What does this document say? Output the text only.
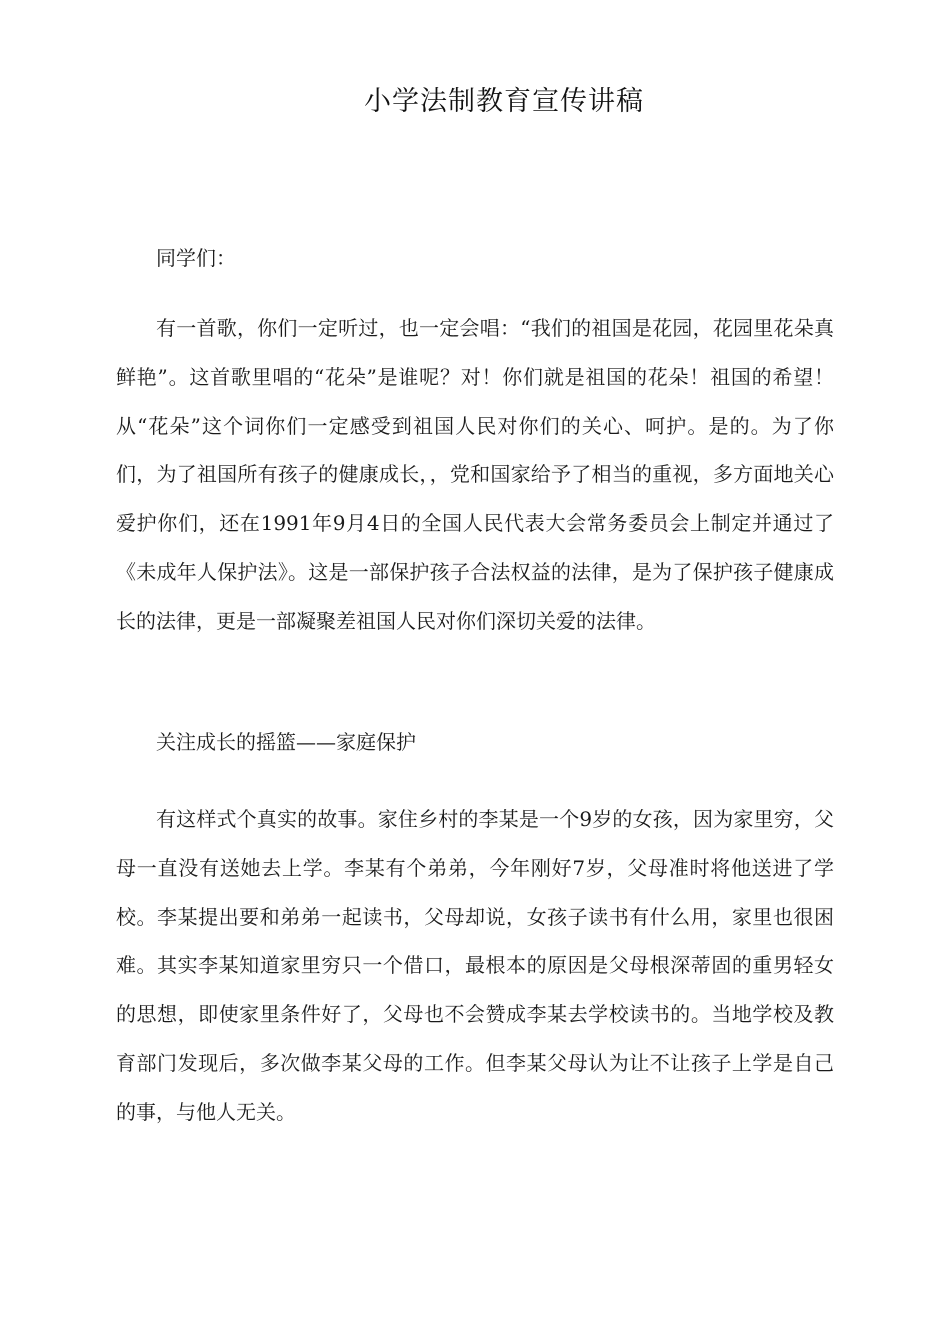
小学法制教育宣传讲稿

同学们：

有一首歌，你们一定听过，也一定会唱：“我们的祖国是花园，花园里花朵真鲜艳”。这首歌里唱的“花朵”是谁呢？对！你们就是祖国的花朵！祖国的希望！从“花朵”这个词你们一定感受到祖国人民对你们的关心、呵护。是的。为了你们，为了祖国所有孩子的健康成长，，党和国家给予了相当的重视，多方面地关心爱护你们，还在1991年9月4日的全国人民代表大会常务委员会上制定并通过了《未成年人保护法》。这是一部保护孩子合法权益的法律，是为了保护孩子健康成长的法律，更是一部凝聚差祖国人民对你们深切关爱的法律。

关注成长的摇篮——家庭保护

有这样式个真实的故事。家住乡村的李某是一个9岁的女孩，因为家里穷，父母一直没有送她去上学。李某有个弟弟，今年刚好7岁，父母准时将他送进了学校。李某提出要和弟弟一起读书，父母却说，女孩子读书有什么用，家里也很困难。其实李某知道家里穷只一个借口，最根本的原因是父母根深蒂固的重男轻女的思想，即使家里条件好了，父母也不会赞成李某去学校读书的。当地学校及教育部门发现后，多次做李某父母的工作。但李某父母认为让不让孩子上学是自己的事，与他人无关。
